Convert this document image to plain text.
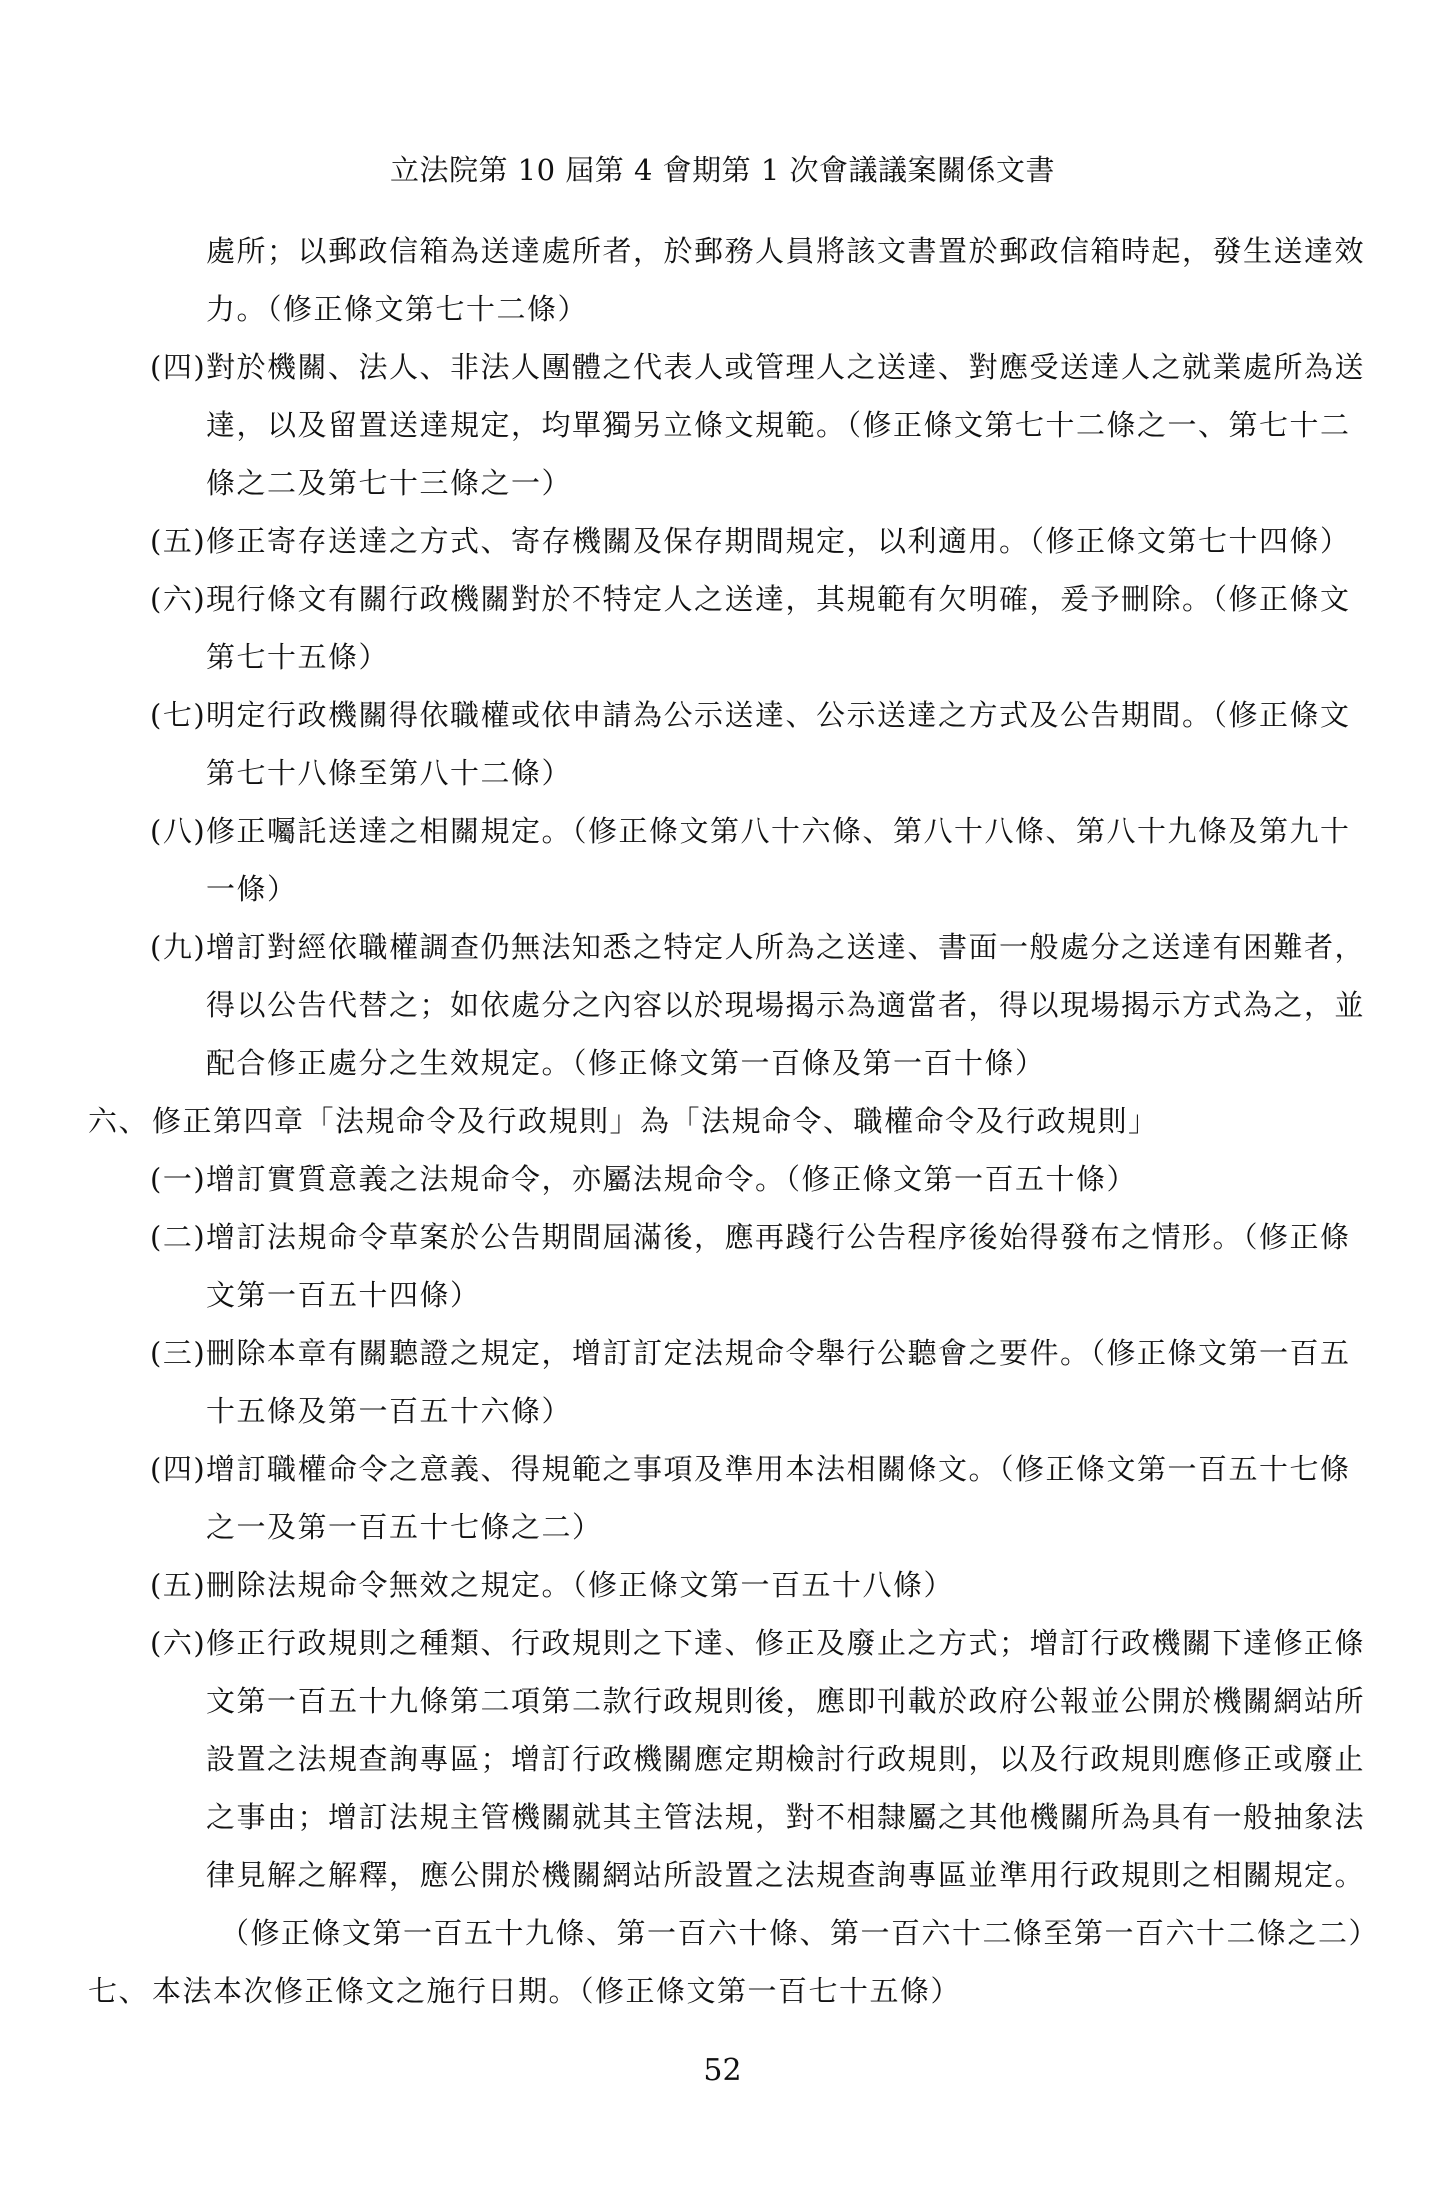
立法院第 10 屆第 4 會期第 1 次會議議案關係文書
處所；以郵政信箱為送達處所者，於郵務人員將該文書置於郵政信箱時起，發生送達效
力。（修正條文第七十二條）
(四)對於機關、法人、非法人團體之代表人或管理人之送達、對應受送達人之就業處所為送
達，以及留置送達規定，均單獨另立條文規範。（修正條文第七十二條之一、第七十二
條之二及第七十三條之一）
(五)修正寄存送達之方式、寄存機關及保存期間規定，以利適用。（修正條文第七十四條）
(六)現行條文有關行政機關對於不特定人之送達，其規範有欠明確，爰予刪除。（修正條文
第七十五條）
(七)明定行政機關得依職權或依申請為公示送達、公示送達之方式及公告期間。（修正條文
第七十八條至第八十二條）
(八)修正囑託送達之相關規定。（修正條文第八十六條、第八十八條、第八十九條及第九十
一條）
(九)增訂對經依職權調查仍無法知悉之特定人所為之送達、書面一般處分之送達有困難者，
得以公告代替之；如依處分之內容以於現場揭示為適當者，得以現場揭示方式為之，並
配合修正處分之生效規定。（修正條文第一百條及第一百十條）
六、 修正第四章「法規命令及行政規則」為「法規命令、職權命令及行政規則」
(一)增訂實質意義之法規命令，亦屬法規命令。（修正條文第一百五十條）
(二)增訂法規命令草案於公告期間屆滿後，應再踐行公告程序後始得發布之情形。（修正條
文第一百五十四條）
(三)刪除本章有關聽證之規定，增訂訂定法規命令舉行公聽會之要件。（修正條文第一百五
十五條及第一百五十六條）
(四)增訂職權命令之意義、得規範之事項及準用本法相關條文。（修正條文第一百五十七條
之一及第一百五十七條之二）
(五)刪除法規命令無效之規定。（修正條文第一百五十八條）
(六)修正行政規則之種類、行政規則之下達、修正及廢止之方式；增訂行政機關下達修正條
文第一百五十九條第二項第二款行政規則後，應即刊載於政府公報並公開於機關網站所
設置之法規查詢專區；增訂行政機關應定期檢討行政規則，以及行政規則應修正或廢止
之事由；增訂法規主管機關就其主管法規，對不相隸屬之其他機關所為具有一般抽象法
律見解之解釋，應公開於機關網站所設置之法規查詢專區並準用行政規則之相關規定。
（修正條文第一百五十九條、第一百六十條、第一百六十二條至第一百六十二條之二）
七、 本法本次修正條文之施行日期。（修正條文第一百七十五條）
52
